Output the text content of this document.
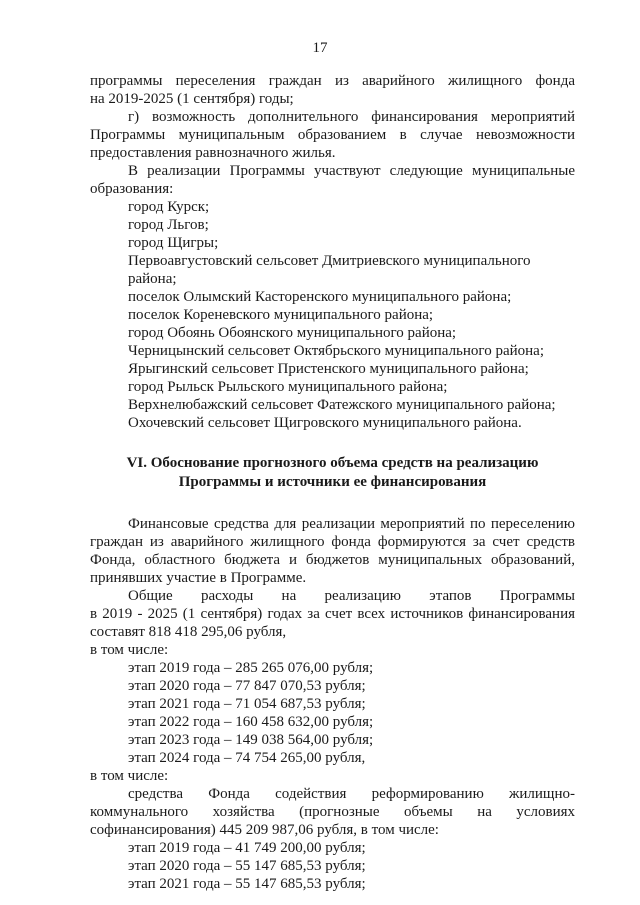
17

программы переселения граждан из аварийного жилищного фонда

на 2019-2025 (1 сентября) годы;

г) возможность дополнительного финансирования мероприятий

Программы муниципальным образованием в случае невозможности

предоставления равнозначного жилья.

В реализации Программы участвуют следующие муниципальные

образования:

город Курск;

город Льгов;

город Щигры;

Первоавгустовский сельсовет Дмитриевского муниципального района;

поселок Олымский Касторенского муниципального района;

поселок Кореневского муниципального района;

город Обоянь Обоянского муниципального района;

Черницынский сельсовет Октябрьского муниципального района;

Ярыгинский сельсовет Пристенского муниципального района;

город Рыльск Рыльского муниципального района;

Верхнелюбажский сельсовет Фатежского муниципального района;

Охочевский сельсовет Щигровского муниципального района.

VI. Обоснование прогнозного объема средств на реализацию

Программы и источники ее финансирования

Финансовые средства для реализации мероприятий по переселению

граждан из аварийного жилищного фонда формируются за счет средств

Фонда, областного бюджета и бюджетов муниципальных образований,

принявших участие в Программе.

Общие расходы на реализацию этапов Программы

в 2019 - 2025 (1 сентября) годах за счет всех источников финансирования

составят 818 418 295,06 рубля,

в том числе:

этап 2019 года – 285 265 076,00 рубля;

этап 2020 года – 77 847 070,53 рубля;

этап 2021 года – 71 054 687,53 рубля;

этап 2022 года – 160 458 632,00 рубля;

этап 2023 года – 149 038 564,00 рубля;

этап 2024 года – 74 754 265,00 рубля,

в том числе:

средства Фонда содействия реформированию жилищно-

коммунального хозяйства (прогнозные объемы на условиях

софинансирования) 445 209 987,06 рубля, в том числе:

этап 2019 года – 41 749 200,00 рубля;

этап 2020 года – 55 147 685,53 рубля;

этап 2021 года – 55 147 685,53 рубля;
